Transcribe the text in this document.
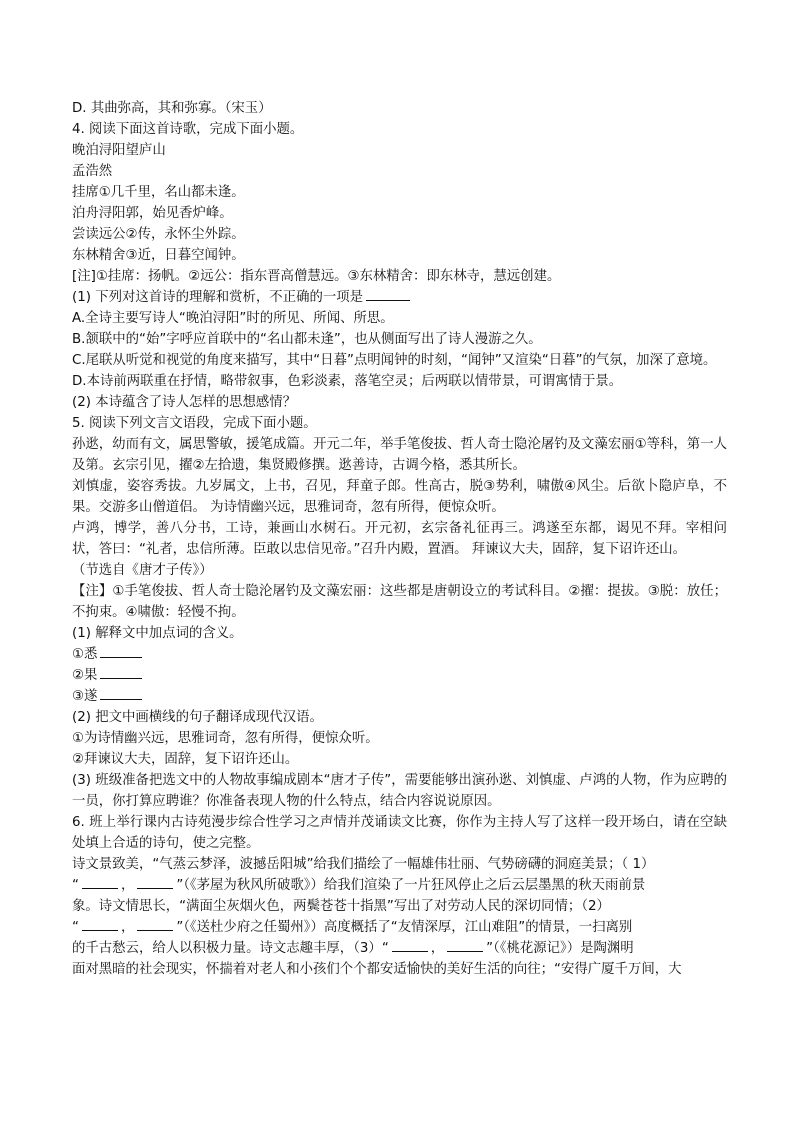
D. 其曲弥高，其和弥寡。（宋玉）
4. 阅读下面这首诗歌，完成下面小题。
晚泊浔阳望庐山
孟浩然
挂席①几千里，名山都未逢。
泊舟浔阳郭，始见香炉峰。
尝读远公②传，永怀尘外踪。
东林精舍③近，日暮空闻钟。
[注]①挂席：扬帆。②远公：指东晋高僧慧远。③东林精舍：即东林寺，慧远创建。
(1) 下列对这首诗的理解和赏析，不正确的一项是
A.全诗主要写诗人“晚泊浔阳”时的所见、所闻、所思。
B.颔联中的“始”字呼应首联中的“名山都未逢”，也从侧面写出了诗人漫游之久。
C.尾联从听觉和视觉的角度来描写，其中“日暮”点明闻钟的时刻，“闻钟”又渲染“日暮”的气氛，加深了意境。
D.本诗前两联重在抒情，略带叙事，色彩淡素，落笔空灵；后两联以情带景，可谓寓情于景。
(2) 本诗蕴含了诗人怎样的思想感情？
5. 阅读下列文言文语段，完成下面小题。
孙逖，幼而有文，属思警敏，援笔成篇。开元二年，举手笔俊拔、哲人奇士隐沦屠钓及文藻宏丽①等科，第一人及第。玄宗引见，擢②左拾遗，集贤殿修撰。逖善诗，古调今格，悉其所长。
刘慎虚，姿容秀拔。九岁属文，上书，召见，拜童子郎。性高古，脱③势利，啸傲④风尘。后欲卜隐庐阜，不果。交游多山僧道侣。 为诗情幽兴远，思雅词奇，忽有所得，便惊众听。
卢鸿，博学，善八分书，工诗，兼画山水树石。开元初，玄宗备礼征再三。鸿遂至东都，谒见不拜。宰相问状，答曰：“礼者，忠信所薄。臣敢以忠信见帝。”召升内殿，置酒。 拜谏议大夫，固辞，复下诏许还山。
（节选自《唐才子传》）
【注】①手笔俊拔、哲人奇士隐沦屠钓及文藻宏丽：这些都是唐朝设立的考试科目。②擢：提拔。③脱：放任；不拘束。④啸傲：轻慢不拘。
(1) 解释文中加点词的含义。
①悉
②果
③遂
(2) 把文中画横线的句子翻译成现代汉语。
①为诗情幽兴远，思雅词奇，忽有所得，便惊众听。
②拜谏议大夫，固辞，复下诏许还山。
(3) 班级准备把选文中的人物故事编成剧本“唐才子传”，需要能够出演孙逖、刘慎虚、卢鸿的人物，作为应聘的一员，你打算应聘谁？你准备表现人物的什么特点，结合内容说说原因。
6. 班上举行课内古诗苑漫步综合性学习之声情并茂诵读文比赛，你作为主持人写了这样一段开场白，请在空缺处填上合适的诗句，使之完整。
诗文景致美，“气蒸云梦泽，波撼岳阳城”给我们描绘了一幅雄伟壮丽、气势磅礴的洞庭美景；（ 1）
“	，	”（《茅屋为秋风所破歌》）给我们渲染了一片狂风停止之后云层墨黑的秋天雨前景
象。诗文情思长，“满面尘灰烟火色，两鬓苍苍十指黑”写出了对劳动人民的深切同情；（2）
“	，	”（《送杜少府之任蜀州》）高度概括了“友情深厚，江山难阻”的情景，一扫离别
的千古愁云，给人以积极力量。诗文志趣丰厚，（3）“	，	”（《桃花源记》）是陶渊明
面对黑暗的社会现实，怀揣着对老人和小孩们个个都安适愉快的美好生活的向往；“安得广厦千万间，大
